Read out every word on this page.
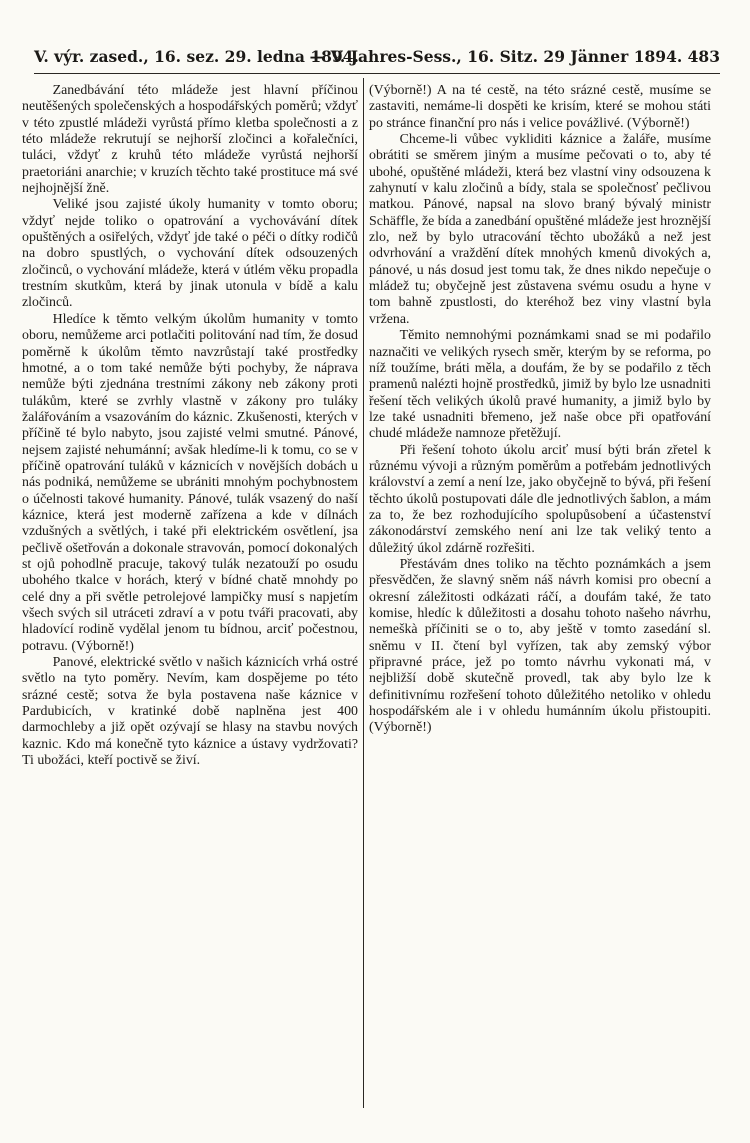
V. výr. zased., 16. sez. 29. ledna 1894.
— V. Jahres-Sess., 16. Sitz. 29 Jänner 1894. 483

Zanedbávání této mládeže jest hlavní příčinou neutěšených společenských a hospodářských poměrů; vždyť v této zpustlé mládeži vyrůstá přímo kletba společnosti a z této mládeže rekrutují se nejhorší zločinci a kořalečníci, tuláci, vždyť z kruhů této mládeže vyrůstá nejhorší praetoriáni anarchie; v kruzích těchto také prostituce má své nejhojnější žně.

Veliké jsou zajisté úkoly humanity v tomto oboru; vždyť nejde toliko o opatrování a vychovávání dítek opuštěných a osiřelých, vždyť jde také o péči o dítky rodičů na dobro spustlých, o vychování dítek odsouzených zločinců, o vychování mládeže, která v útlém věku propadla trestním skutkům, která by jinak utonula v bídě a kalu zločinců.

Hledíce k těmto velkým úkolům humanity v tomto oboru, nemůžeme arci potlačiti politování nad tím, že dosud poměrně k úkolům těmto navzrůstají také prostředky hmotné, a o tom také nemůže býti pochyby, že náprava nemůže býti zjednána trestními zákony neb zákony proti tulákům, které se zvrhly vlastně v zákony pro tuláky žalářováním a vsazováním do káznic. Zkušenosti, kterých v příčině té bylo nabyto, jsou zajisté velmi smutné. Pánové, nejsem zajisté nehumánní; avšak hledíme-li k tomu, co se v příčině opatrování tuláků v káznicích v novějších dobách u nás podniká, nemůžeme se ubrániti mnohým pochybnostem o účelnosti takové humanity. Pánové, tulák vsazený do naší káznice, která jest moderně zařízena a kde v dílnách vzdušných a světlých, i také při elektrickém osvětlení, jsa pečlivě ošetřován a dokonale stravován, pomocí dokonalých st ojů pohodlně pracuje, takový tulák nezatouží po osudu ubohého tkalce v horách, který v bídné chatě mnohdy po celé dny a při světle petrolejové lampičky musí s napjetím všech svých sil utráceti zdraví a v potu tváři pracovati, aby hladovící rodině vydělal jenom tu bídnou, arciť počestnou, potravu. (Výborně!)

Panové, elektrické světlo v našich káznicích vrhá ostré světlo na tyto poměry. Nevím, kam dospějeme po této srázné cestě; sotva že byla postavena naše káznice v Pardubicích, v kratinké době naplněna jest 400 darmochleby a již opět ozývají se hlasy na stavbu nových kaznic. Kdo má konečně tyto káznice a ústavy vydržovati? Ti ubožáci, kteří poctivě se živí.

(Výborně!) A na té cestě, na této srázné cestě, musíme se zastaviti, nemáme-li dospěti ke krisím, které se mohou státi po stránce finanční pro nás i velice povážlivé. (Výborně!)

Chceme-li vůbec vykliditi káznice a žaláře, musíme obrátiti se směrem jiným a musíme pečovati o to, aby té ubohé, opuštěné mládeži, která bez vlastní viny odsouzena k zahynutí v kalu zločinů a bídy, stala se společnosť pečlivou matkou. Pánové, napsal na slovo braný bývalý ministr Schäffle, že bída a zanedbání opuštěné mládeže jest hroznější zlo, než by bylo utracování těchto ubožáků a než jest odvrhování a vraždění dítek mnohých kmenů divokých a, pánové, u nás dosud jest tomu tak, že dnes nikdo nepečuje o mládež tu; obyčejně jest zůstavena svému osudu a hyne v tom bahně zpustlosti, do kteréhož bez viny vlastní byla vržena.

Těmito nemnohými poznámkami snad se mi podařilo naznačiti ve velikých rysech směr, kterým by se reforma, po níž toužíme, bráti měla, a doufám, že by se podařilo z těch pramenů nalézti hojně prostředků, jimiž by bylo lze usnadniti řešení těch velikých úkolů pravé humanity, a jimiž bylo by lze také usnadniti břemeno, jež naše obce při opatřování chudé mládeže namnoze přetěžují.

Při řešení tohoto úkolu arciť musí býti brán zřetel k různému vývoji a různým poměrům a potřebám jednotlivých království a zemí a není lze, jako obyčejně to bývá, při řešení těchto úkolů postupovati dále dle jednotlivých šablon, a mám za to, že bez rozhodujícího spolupůsobení a účastenství zákonodárství zemského není ani lze tak veliký tento a důležitý úkol zdárně rozřešiti.

Přestávám dnes toliko na těchto poznámkách a jsem přesvědčen, že slavný sněm náš návrh komisi pro obecní a okresní záležitosti odkázati ráčí, a doufám také, že tato komise, hledíc k důležitosti a dosahu tohoto našeho návrhu, nemeškà příčiniti se o to, aby ještě v tomto zasedání sl. sněmu v II. čtení byl vyřízen, tak aby zemský výbor připravné práce, jež po tomto návrhu vykonati má, v nejbližší době skutečně provedl, tak aby bylo lze k definitivnímu rozřešení tohoto důležitého netoliko v ohledu hospodářském ale i v ohledu humánním úkolu přistoupiti. (Výborně!)
